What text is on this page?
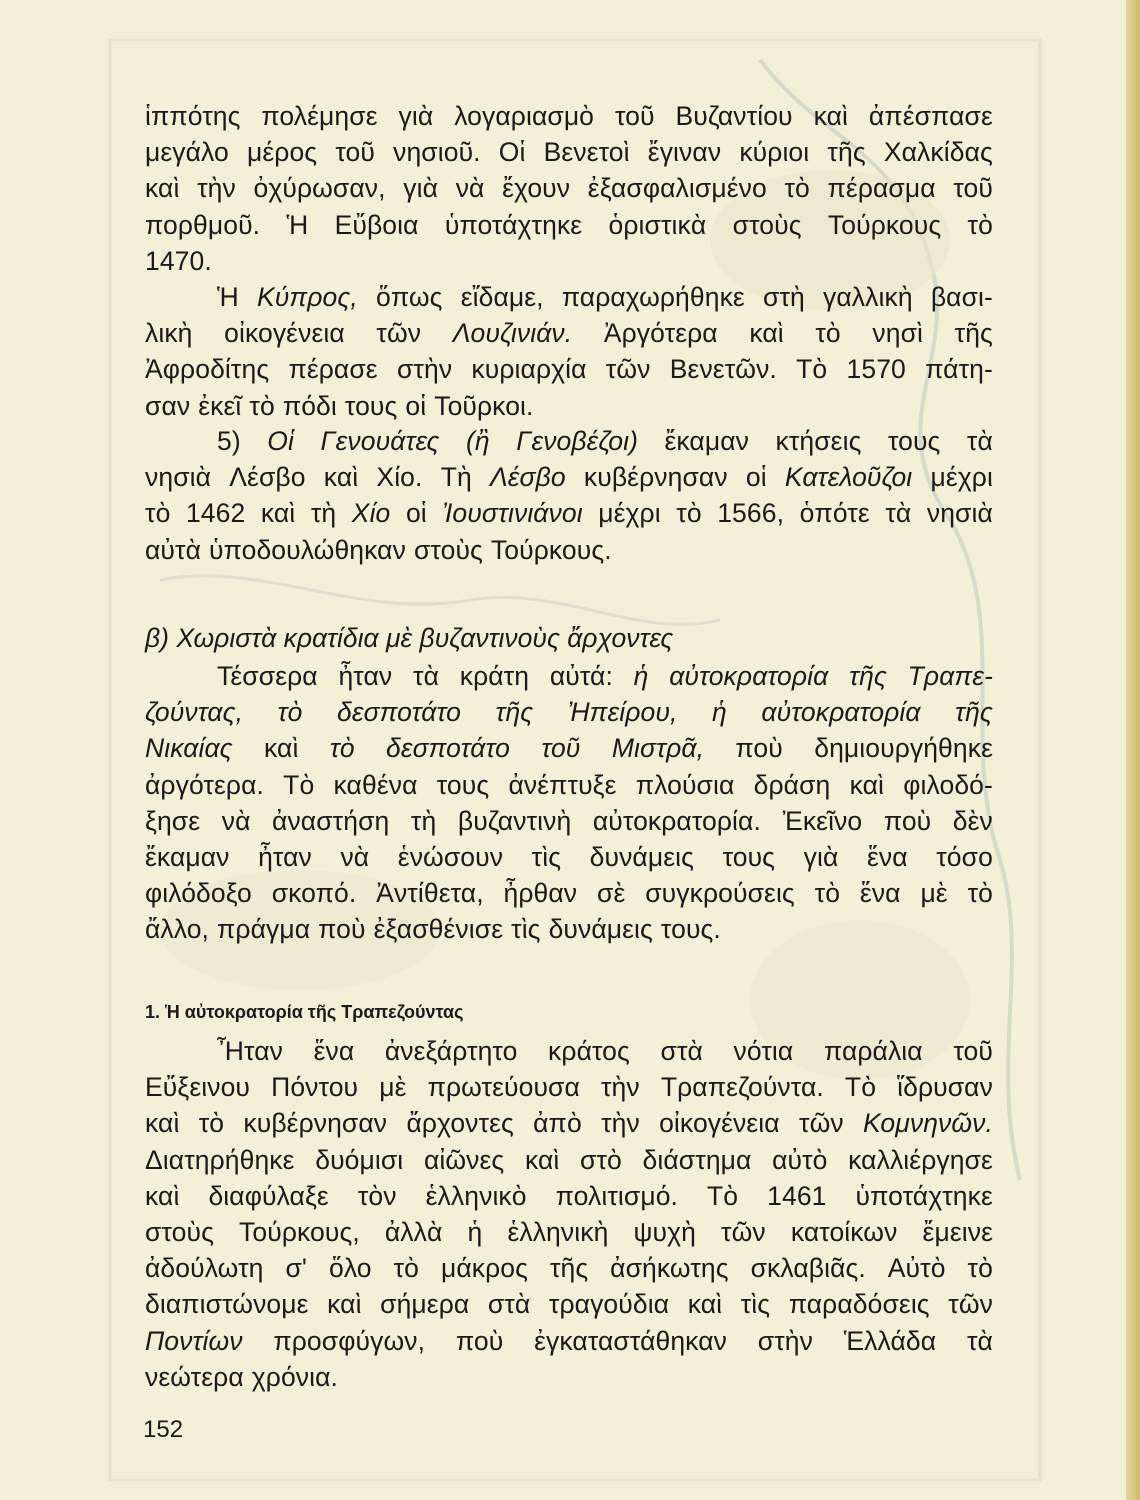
ἱππότης πολέμησε γιὰ λογαριασμὸ τοῦ Βυζαντίου καὶ ἀπέσπασε
μεγάλο μέρος τοῦ νησιοῦ. Οἱ Βενετοὶ ἔγιναν κύριοι τῆς Χαλκίδας
καὶ τὴν ὀχύρωσαν, γιὰ νὰ ἔχουν ἐξασφαλισμένο τὸ πέρασμα τοῦ
πορθμοῦ. Ἡ Εὔβοια ὑποτάχτηκε ὁριστικὰ στοὺς Τούρκους τὸ
1470.
Ἡ Κύπρος, ὅπως εἴδαμε, παραχωρήθηκε στὴ γαλλικὴ βασι-
λικὴ οἰκογένεια τῶν Λουζινιάν. Ἀργότερα καὶ τὸ νησὶ τῆς
Ἀφροδίτης πέρασε στὴν κυριαρχία τῶν Βενετῶν. Τὸ 1570 πάτη-
σαν ἐκεῖ τὸ πόδι τους οἱ Τοῦρκοι.
5) Οἱ Γενουάτες (ἢ Γενοβέζοι) ἔκαμαν κτήσεις τους τὰ
νησιὰ Λέσβο καὶ Χίο. Τὴ Λέσβο κυβέρνησαν οἱ Κατελοῦζοι μέχρι
τὸ 1462 καὶ τὴ Χίο οἱ Ἰουστινιάνοι μέχρι τὸ 1566, ὁπότε τὰ νησιὰ
αὐτὰ ὑποδουλώθηκαν στοὺς Τούρκους.
β) Χωριστὰ κρατίδια μὲ βυζαντινοὺς ἄρχοντες
Τέσσερα ἦταν τὰ κράτη αὐτά: ἡ αὐτοκρατορία τῆς Τραπε-
ζούντας, τὸ δεσποτάτο τῆς Ἠπείρου, ἡ αὐτοκρατορία τῆς
Νικαίας καὶ τὸ δεσποτάτο τοῦ Μιστρᾶ, ποὺ δημιουργήθηκε
ἀργότερα. Τὸ καθένα τους ἀνέπτυξε πλούσια δράση καὶ φιλοδό-
ξησε νὰ ἀναστήση τὴ βυζαντινὴ αὐτοκρατορία. Ἐκεῖνο ποὺ δὲν
ἔκαμαν ἦταν νὰ ἑνώσουν τὶς δυνάμεις τους γιὰ ἕνα τόσο
φιλόδοξο σκοπό. Ἀντίθετα, ἦρθαν σὲ συγκρούσεις τὸ ἕνα μὲ τὸ
ἄλλο, πράγμα ποὺ ἐξασθένισε τὶς δυνάμεις τους.
1. Ἡ αὐτοκρατορία τῆς Τραπεζούντας
Ἦταν ἕνα ἀνεξάρτητο κράτος στὰ νότια παράλια τοῦ
Εὔξεινου Πόντου μὲ πρωτεύουσα τὴν Τραπεζούντα. Τὸ ἵδρυσαν
καὶ τὸ κυβέρνησαν ἄρχοντες ἀπὸ τὴν οἰκογένεια τῶν Κομνηνῶν.
Διατηρήθηκε δυόμισι αἰῶνες καὶ στὸ διάστημα αὐτὸ καλλιέργησε
καὶ διαφύλαξε τὸν ἑλληνικὸ πολιτισμό. Τὸ 1461 ὑποτάχτηκε
στοὺς Τούρκους, ἀλλὰ ἡ ἑλληνικὴ ψυχὴ τῶν κατοίκων ἔμεινε
ἀδούλωτη σ' ὅλο τὸ μάκρος τῆς ἀσήκωτης σκλαβιᾶς. Αὐτὸ τὸ
διαπιστώνομε καὶ σήμερα στὰ τραγούδια καὶ τὶς παραδόσεις τῶν
Ποντίων προσφύγων, ποὺ ἐγκαταστάθηκαν στὴν Ἑλλάδα τὰ
νεώτερα χρόνια.
152
